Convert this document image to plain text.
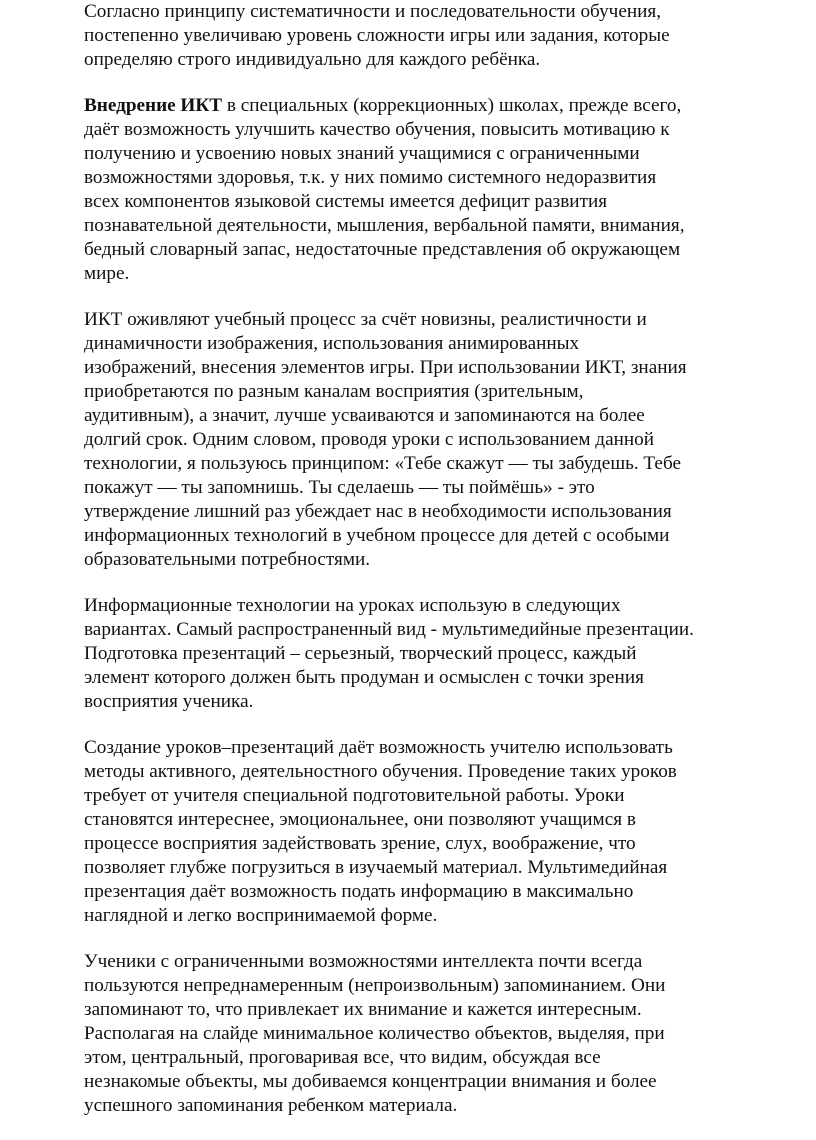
Согласно принципу систематичности и последовательности обучения,
постепенно увеличиваю уровень сложности игры или задания, которые
определяю строго индивидуально для каждого ребёнка.

Внедрение ИКТ в специальных (коррекционных) школах, прежде всего,
даёт возможность улучшить качество обучения, повысить мотивацию к
получению и усвоению новых знаний учащимися с ограниченными
возможностями здоровья, т.к. у них помимо системного недоразвития
всех компонентов языковой системы имеется дефицит развития
познавательной деятельности, мышления, вербальной памяти, внимания,
бедный словарный запас, недостаточные представления об окружающем
мире.

ИКТ оживляют учебный процесс за счёт новизны, реалистичности и
динамичности изображения, использования анимированных
изображений, внесения элементов игры. При использовании ИКТ, знания
приобретаются по разным каналам восприятия (зрительным,
аудитивным), а значит, лучше усваиваются и запоминаются на более
долгий срок. Одним словом, проводя уроки с использованием данной
технологии, я пользуюсь принципом: «Тебе скажут — ты забудешь. Тебе
покажут — ты запомнишь. Ты сделаешь — ты поймёшь» - это
утверждение лишний раз убеждает нас в необходимости использования
информационных технологий в учебном процессе для детей с особыми
образовательными потребностями.

Информационные технологии на уроках использую в следующих
вариантах. Самый распространенный вид - мультимедийные презентации.
Подготовка презентаций – серьезный, творческий процесс, каждый
элемент которого должен быть продуман и осмыслен с точки зрения
восприятия ученика.

Создание уроков–презентаций даёт возможность учителю использовать
методы активного, деятельностного обучения. Проведение таких уроков
требует от учителя специальной подготовительной работы. Уроки
становятся интереснее, эмоциональнее, они позволяют учащимся в
процессе восприятия задействовать зрение, слух, воображение, что
позволяет глубже погрузиться в изучаемый материал. Мультимедийная
презентация даёт возможность подать информацию в максимально
наглядной и легко воспринимаемой форме.

Ученики с ограниченными возможностями интеллекта почти всегда
пользуются непреднамеренным (непроизвольным) запоминанием. Они
запоминают то, что привлекает их внимание и кажется интересным.
Располагая на слайде минимальное количество объектов, выделяя, при
этом, центральный, проговаривая все, что видим, обсуждая все
незнакомые объекты, мы добиваемся концентрации внимания и более
успешного запоминания ребенком материала.
